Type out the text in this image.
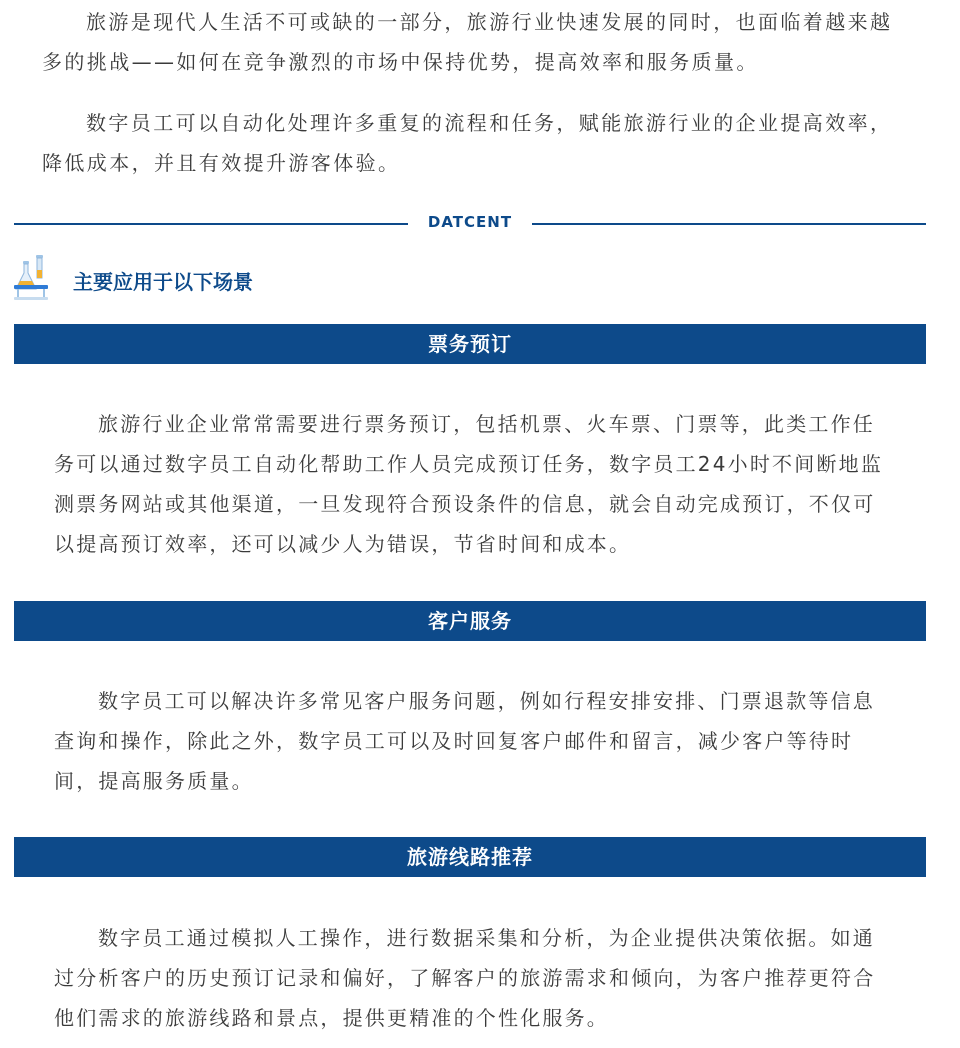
旅游是现代人生活不可或缺的一部分，旅游行业快速发展的同时，也面临着越来越多的挑战——如何在竞争激烈的市场中保持优势，提高效率和服务质量。

数字员工可以自动化处理许多重复的流程和任务，赋能旅游行业的企业提高效率，降低成本，并且有效提升游客体验。

DATCENT
主要应用于以下场景
票务预订

旅游行业企业常常需要进行票务预订，包括机票、火车票、门票等，此类工作任务可以通过数字员工自动化帮助工作人员完成预订任务，数字员工24小时不间断地监测票务网站或其他渠道，一旦发现符合预设条件的信息，就会自动完成预订，不仅可以提高预订效率，还可以减少人为错误，节省时间和成本。

客户服务

数字员工可以解决许多常见客户服务问题，例如行程安排安排、门票退款等信息查询和操作，除此之外，数字员工可以及时回复客户邮件和留言，减少客户等待时间，提高服务质量。

旅游线路推荐

数字员工通过模拟人工操作，进行数据采集和分析，为企业提供决策依据。如通过分析客户的历史预订记录和偏好，了解客户的旅游需求和倾向，为客户推荐更符合他们需求的旅游线路和景点，提供更精准的个性化服务。
